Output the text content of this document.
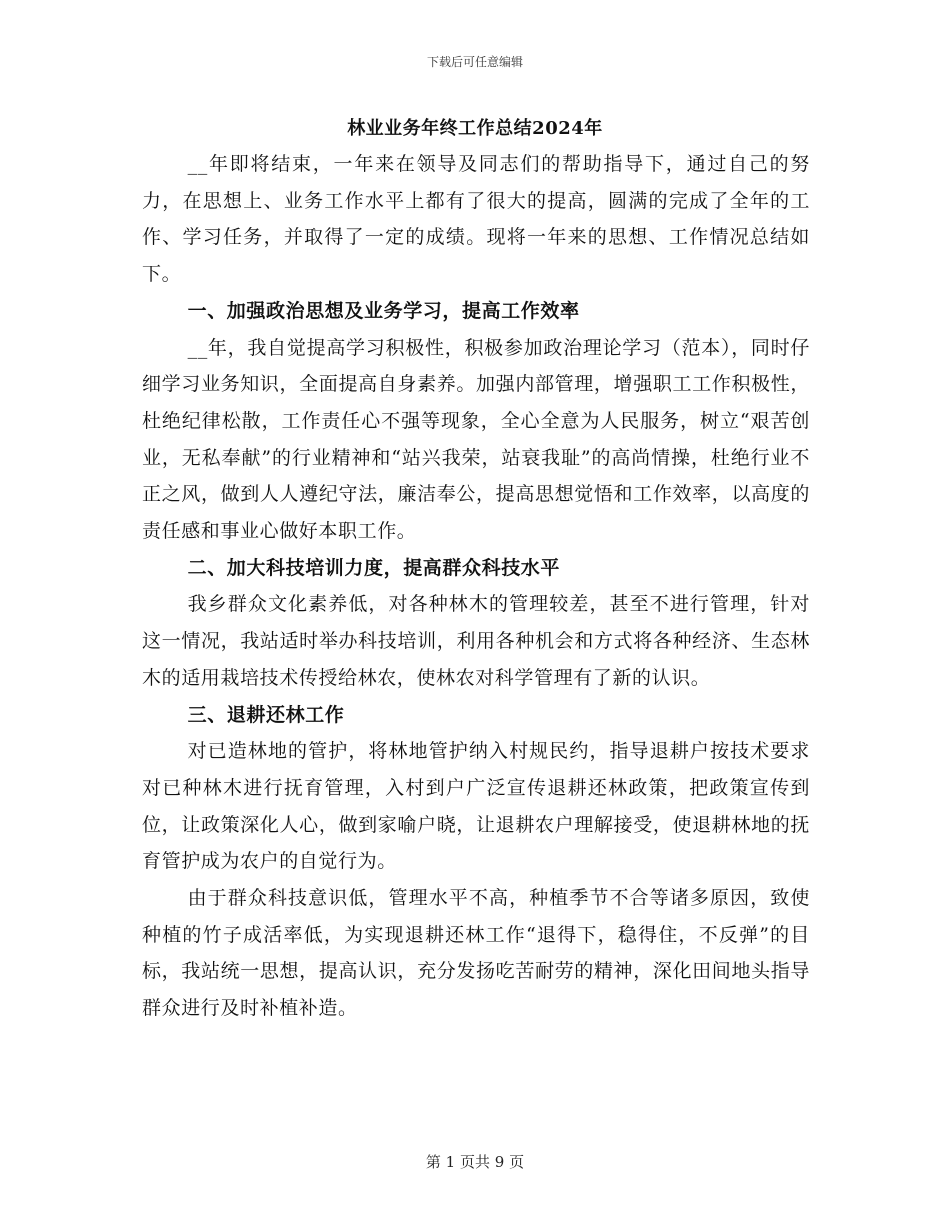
下载后可任意编辑
林业业务年终工作总结2024年

__年即将结束，一年来在领导及同志们的帮助指导下，通过自己的努力，在思想上、业务工作水平上都有了很大的提高，圆满的完成了全年的工作、学习任务，并取得了一定的成绩。现将一年来的思想、工作情况总结如下。

一、加强政治思想及业务学习，提高工作效率

__年，我自觉提高学习积极性，积极参加政治理论学习（范本），同时仔细学习业务知识，全面提高自身素养。加强内部管理，增强职工工作积极性，杜绝纪律松散，工作责任心不强等现象，全心全意为人民服务，树立“艰苦创业，无私奉献”的行业精神和“站兴我荣，站衰我耻”的高尚情操，杜绝行业不正之风，做到人人遵纪守法，廉洁奉公，提高思想觉悟和工作效率，以高度的责任感和事业心做好本职工作。

二、加大科技培训力度，提高群众科技水平

我乡群众文化素养低，对各种林木的管理较差，甚至不进行管理，针对这一情况，我站适时举办科技培训，利用各种机会和方式将各种经济、生态林木的适用栽培技术传授给林农，使林农对科学管理有了新的认识。

三、退耕还林工作

对已造林地的管护，将林地管护纳入村规民约，指导退耕户按技术要求对已种林木进行抚育管理，入村到户广泛宣传退耕还林政策，把政策宣传到位，让政策深化人心，做到家喻户晓，让退耕农户理解接受，使退耕林地的抚育管护成为农户的自觉行为。

由于群众科技意识低，管理水平不高，种植季节不合等诸多原因，致使种植的竹子成活率低，为实现退耕还林工作“退得下，稳得住，不反弹”的目标，我站统一思想，提高认识，充分发扬吃苦耐劳的精神，深化田间地头指导群众进行及时补植补造。

第 1 页共 9 页
